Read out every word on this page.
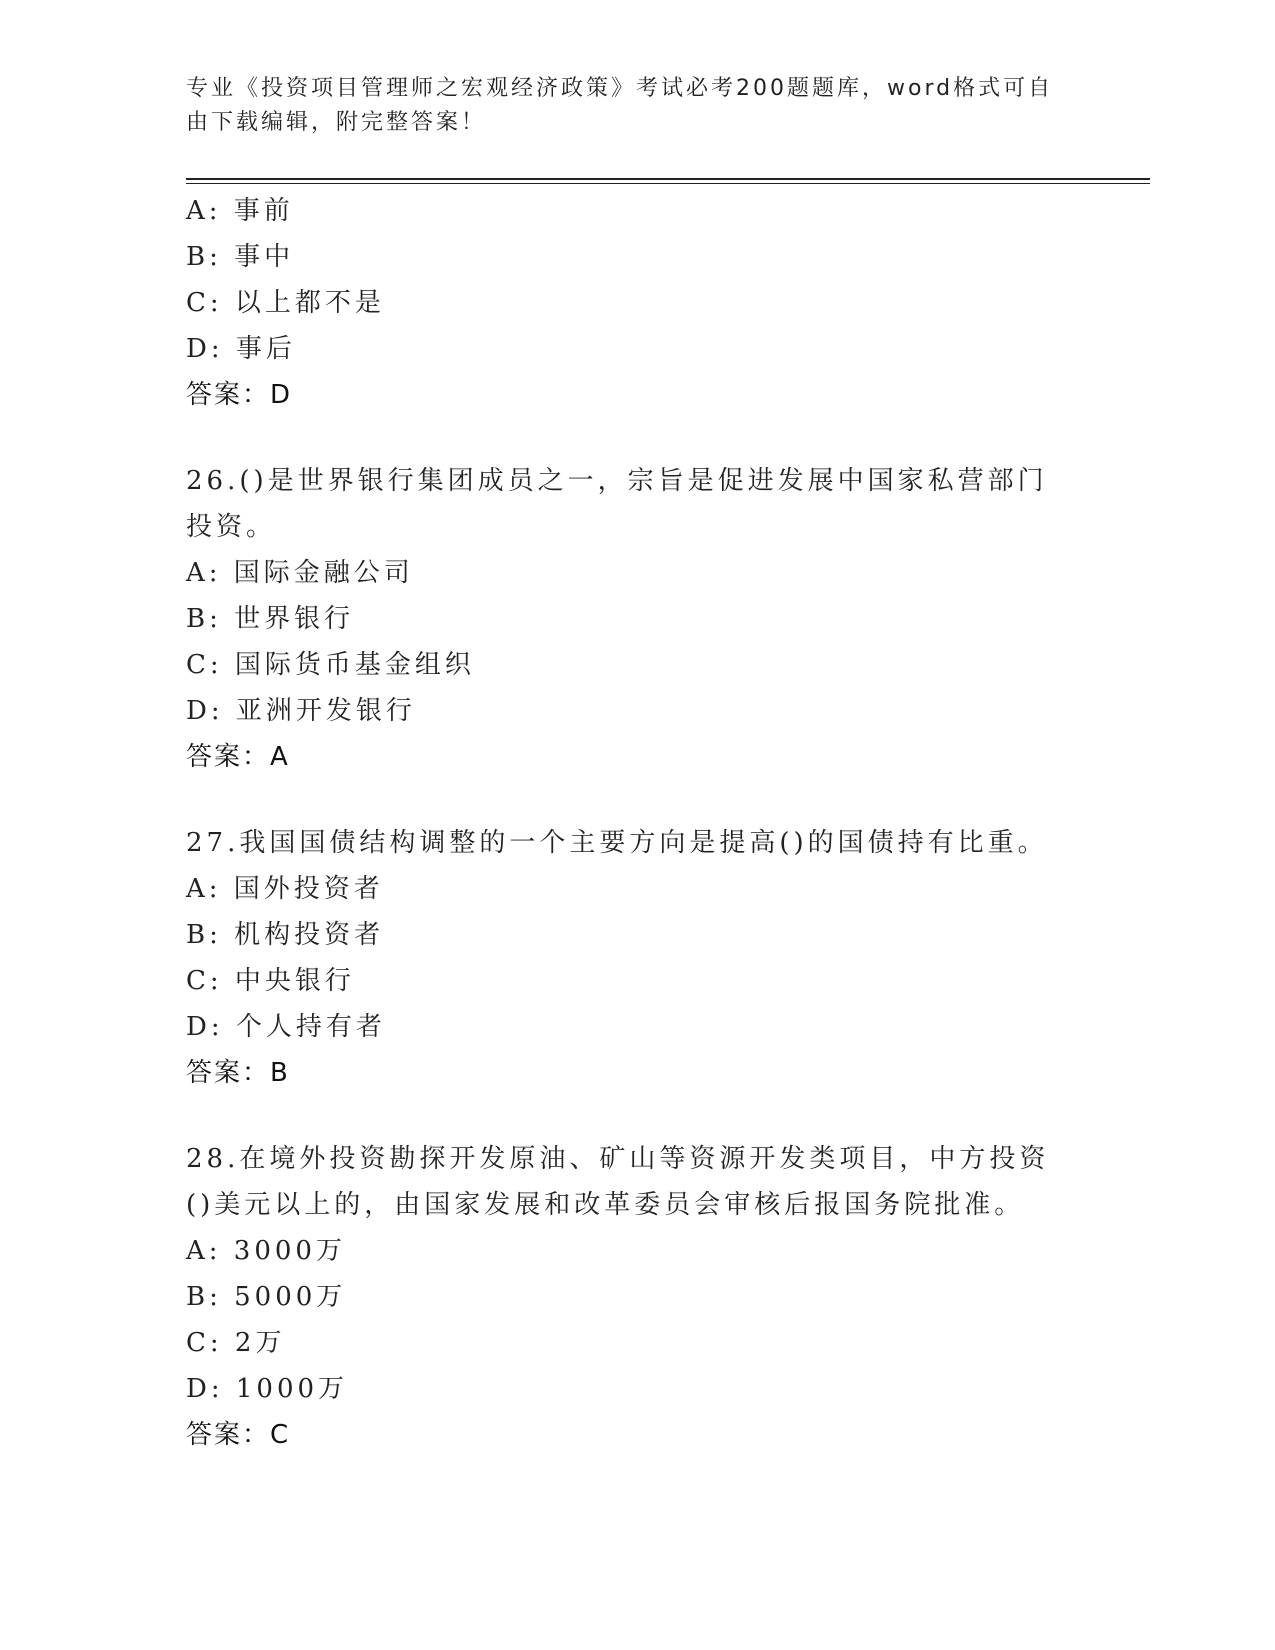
专业《投资项目管理师之宏观经济政策》考试必考200题题库，word格式可自由下载编辑，附完整答案！
A: 事前
B: 事中
C: 以上都不是
D: 事后
答案：D
26.()是世界银行集团成员之一，宗旨是促进发展中国家私营部门投资。
A: 国际金融公司
B: 世界银行
C: 国际货币基金组织
D: 亚洲开发银行
答案：A
27.我国国债结构调整的一个主要方向是提高()的国债持有比重。
A: 国外投资者
B: 机构投资者
C: 中央银行
D: 个人持有者
答案：B
28.在境外投资勘探开发原油、矿山等资源开发类项目，中方投资()美元以上的，由国家发展和改革委员会审核后报国务院批准。
A: 3000万
B: 5000万
C: 2万
D: 1000万
答案：C
